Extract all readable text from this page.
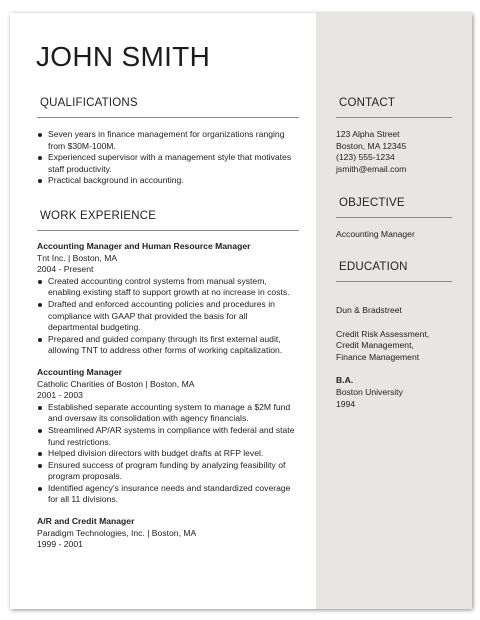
JOHN SMITH
QUALIFICATIONS
Seven years in finance management for organizations ranging from $30M-100M.
Experienced supervisor with a management style that motivates staff productivity.
Practical background in accounting.
WORK EXPERIENCE
Accounting Manager and Human Resource Manager
Tnt Inc. | Boston, MA
2004 - Present
Created accounting control systems from manual system, enabling existing staff to support growth at no increase in costs.
Drafted and enforced accounting policies and procedures in compliance with GAAP that provided the basis for all departmental budgeting.
Prepared and guided company through its first external audit, allowing TNT to address other forms of working capitalization.
Accounting Manager
Catholic Charities of Boston | Boston, MA
2001 - 2003
Established separate accounting system to manage a $2M fund and oversaw its consolidation with agency financials.
Streamlined AP/AR systems in compliance with federal and state fund restrictions.
Helped division directors with budget drafts at RFP level.
Ensured success of program funding by analyzing feasibility of program proposals.
Identified agency's insurance needs and standardized coverage for all 11 divisions.
A/R and Credit Manager
Paradigm Technologies, Inc. | Boston, MA
1999 - 2001
CONTACT
123 Alpha Street
Boston, MA 12345
(123) 555-1234
jsmith@email.com
OBJECTIVE
Accounting Manager
EDUCATION
Dun & Bradstreet
Credit Risk Assessment,
Credit Management,
Finance Management
B.A.
Boston University
1994
